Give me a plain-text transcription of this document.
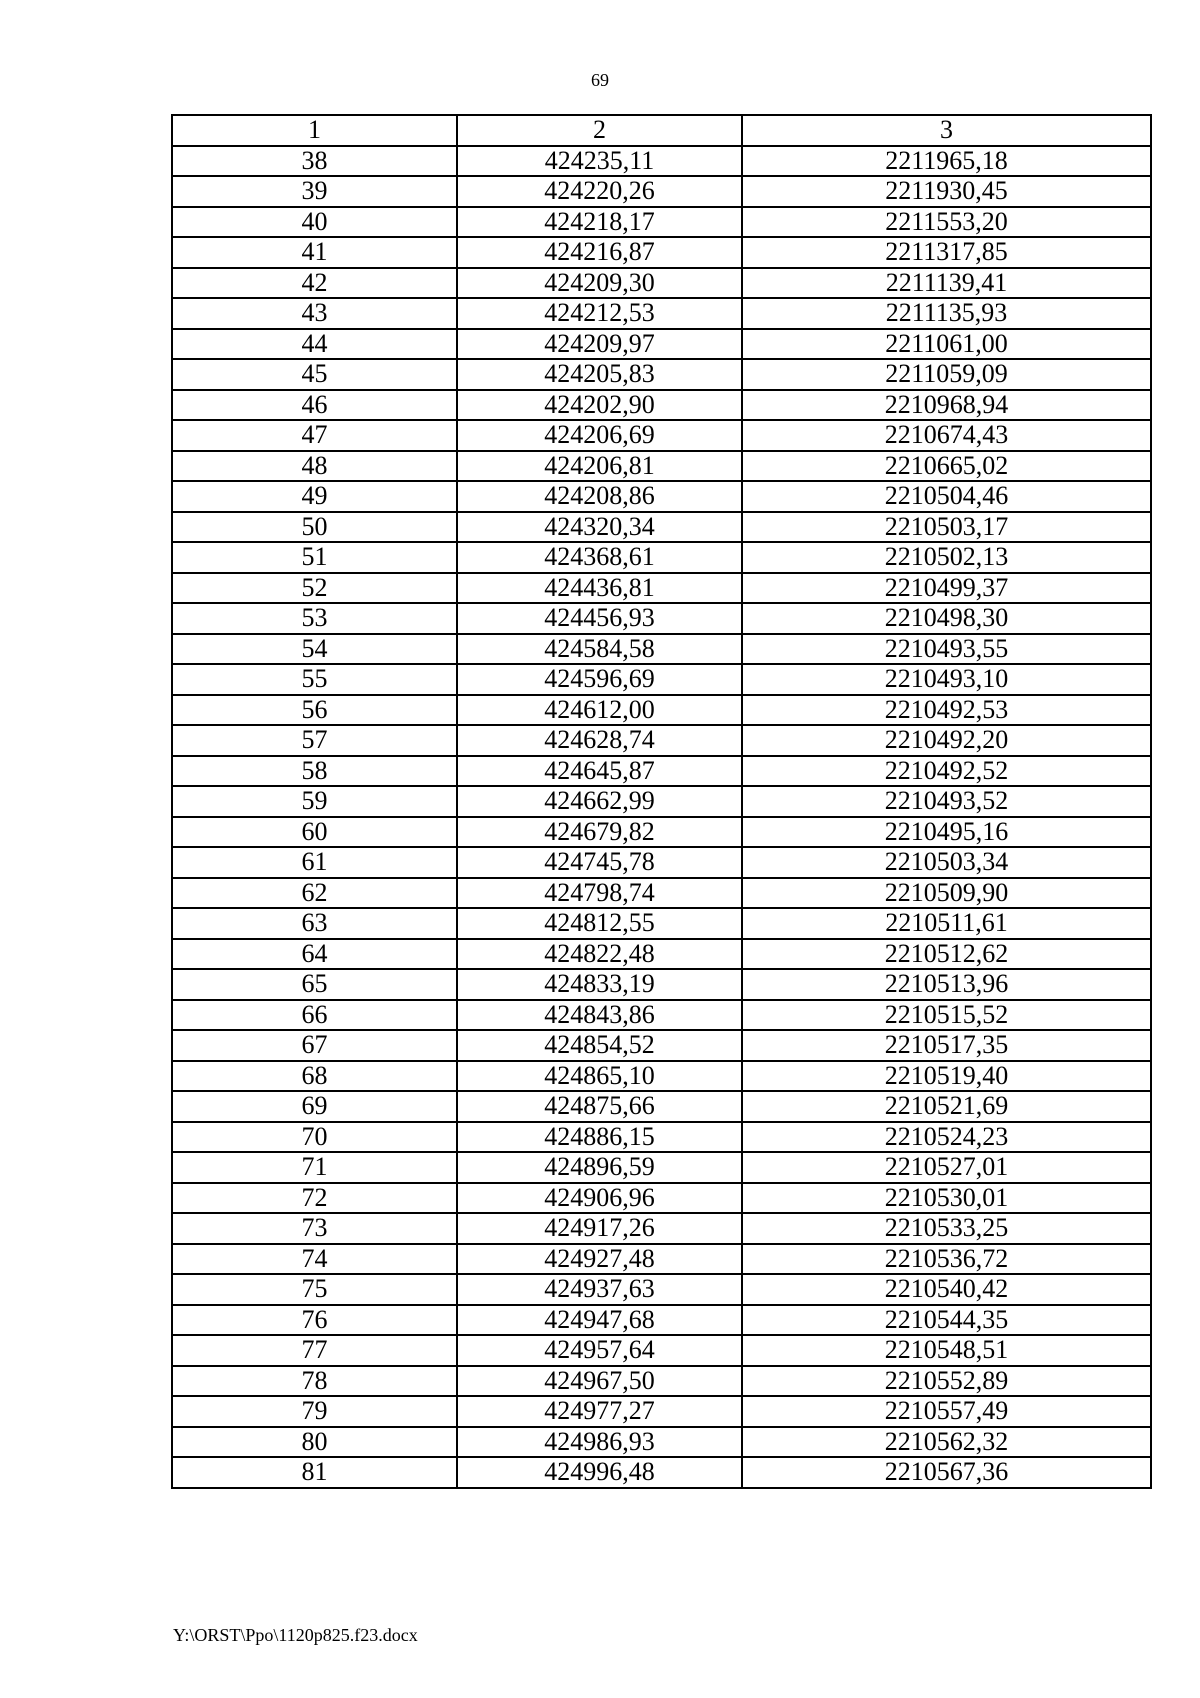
69
1	2	3
38	424235,11	2211965,18
39	424220,26	2211930,45
40	424218,17	2211553,20
41	424216,87	2211317,85
42	424209,30	2211139,41
43	424212,53	2211135,93
44	424209,97	2211061,00
45	424205,83	2211059,09
46	424202,90	2210968,94
47	424206,69	2210674,43
48	424206,81	2210665,02
49	424208,86	2210504,46
50	424320,34	2210503,17
51	424368,61	2210502,13
52	424436,81	2210499,37
53	424456,93	2210498,30
54	424584,58	2210493,55
55	424596,69	2210493,10
56	424612,00	2210492,53
57	424628,74	2210492,20
58	424645,87	2210492,52
59	424662,99	2210493,52
60	424679,82	2210495,16
61	424745,78	2210503,34
62	424798,74	2210509,90
63	424812,55	2210511,61
64	424822,48	2210512,62
65	424833,19	2210513,96
66	424843,86	2210515,52
67	424854,52	2210517,35
68	424865,10	2210519,40
69	424875,66	2210521,69
70	424886,15	2210524,23
71	424896,59	2210527,01
72	424906,96	2210530,01
73	424917,26	2210533,25
74	424927,48	2210536,72
75	424937,63	2210540,42
76	424947,68	2210544,35
77	424957,64	2210548,51
78	424967,50	2210552,89
79	424977,27	2210557,49
80	424986,93	2210562,32
81	424996,48	2210567,36
Y:\ORST\Ppo\1120p825.f23.docx
